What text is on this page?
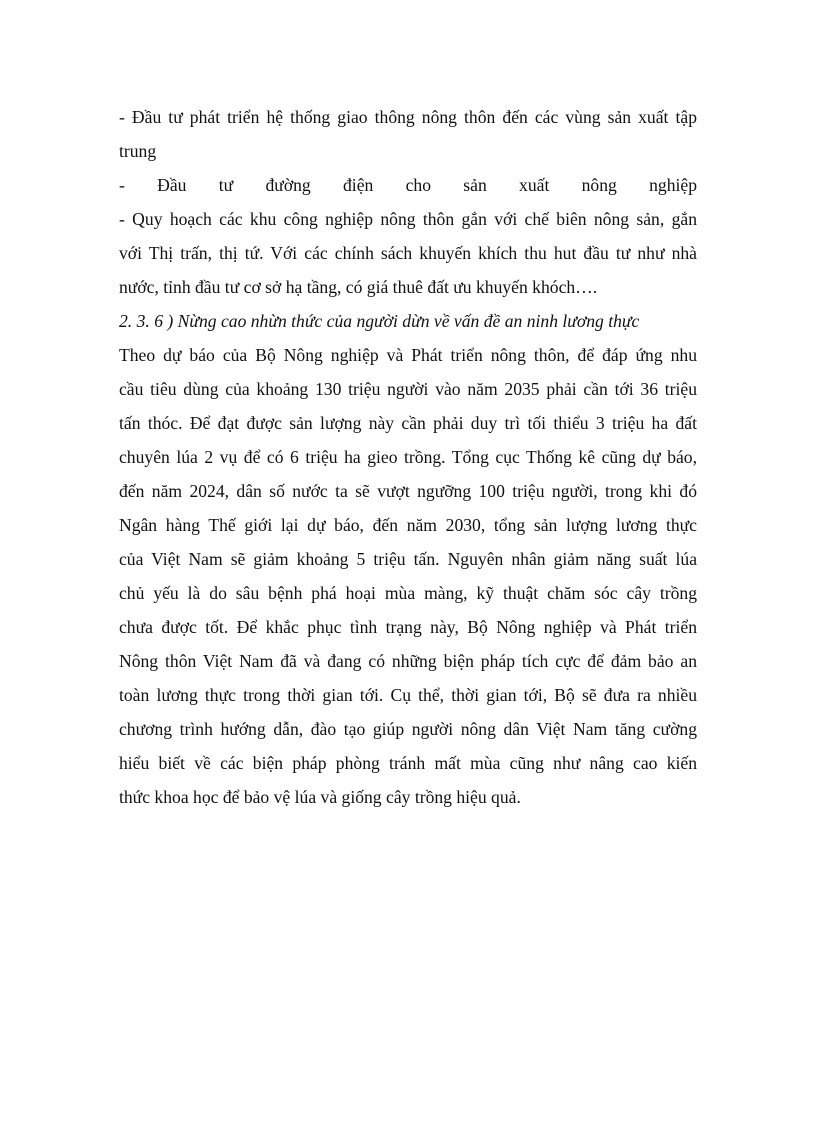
- Đầu tư phát triển hệ thống giao thông nông thôn đến các vùng sản xuất tập
trung
- Đầu tư đường điện cho sản xuất nông nghiệp
- Quy hoạch các khu công nghiệp nông thôn gắn với chế biên nông sản, gắn
với Thị trấn, thị tứ. Với các chính sách khuyến khích thu hut đầu tư như nhà
nước, tỉnh đầu tư cơ sở hạ tầng, có giá thuê đất ưu khuyến khóch….
2. 3. 6 ) Nừng cao nhừn thức của người dừn về vấn đề an ninh lương thực
Theo dự báo của Bộ Nông nghiệp và Phát triển nông thôn, để đáp ứng nhu
cầu tiêu dùng của khoảng 130 triệu người vào năm 2035 phải cần tới 36 triệu
tấn thóc. Để đạt được sản lượng này cần phải duy trì tối thiểu 3 triệu ha đất
chuyên lúa 2 vụ để có 6 triệu ha gieo trồng. Tổng cục Thống kê cũng dự báo,
đến năm 2024, dân số nước ta sẽ vượt ngưỡng 100 triệu người, trong khi đó
Ngân hàng Thế giới lại dự báo, đến năm 2030, tổng sản lượng lương thực
của Việt Nam sẽ giảm khoảng 5 triệu tấn. Nguyên nhân giảm năng suất lúa
chủ yếu là do sâu bệnh phá hoại mùa màng, kỹ thuật chăm sóc cây trồng
chưa được tốt. Để khắc phục tình trạng này, Bộ Nông nghiệp và Phát triển
Nông thôn Việt Nam đã và đang có những biện pháp tích cực để đảm bảo an
toàn lương thực trong thời gian tới. Cụ thể, thời gian tới, Bộ sẽ đưa ra nhiều
chương trình hướng dẫn, đào tạo giúp người nông dân Việt Nam tăng cường
hiểu biết về các biện pháp phòng tránh mất mùa cũng như nâng cao kiến
thức khoa học để bảo vệ lúa và giống cây trồng hiệu quả.
